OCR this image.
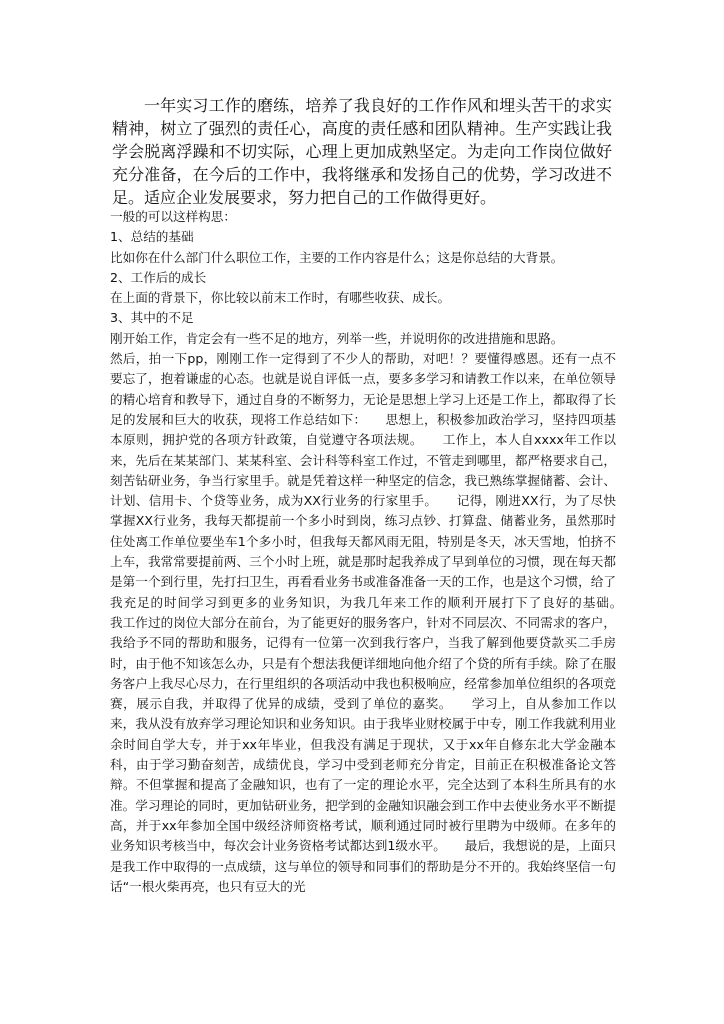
一年实习工作的磨练，培养了我良好的工作作风和埋头苦干的求实精神，树立了强烈的责任心，高度的责任感和团队精神。生产实践让我学会脱离浮躁和不切实际，心理上更加成熟坚定。为走向工作岗位做好充分准备，在今后的工作中，我将继承和发扬自己的优势，学习改进不足。适应企业发展要求，努力把自己的工作做得更好。

一般的可以这样构思：

1、总结的基础

比如你在什么部门什么职位工作，主要的工作内容是什么；这是你总结的大背景。

2、工作后的成长

在上面的背景下，你比较以前末工作时，有哪些收获、成长。

3、其中的不足

刚开始工作，肯定会有一些不足的地方，列举一些，并说明你的改进措施和思路。

然后，拍一下pp，刚刚工作一定得到了不少人的帮助，对吧！？要懂得感恩。还有一点不要忘了，抱着谦虚的心态。也就是说自评低一点，要多多学习和请教工作以来，在单位领导的精心培育和教导下，通过自身的不断努力，无论是思想上学习上还是工作上，都取得了长足的发展和巨大的收获，现将工作总结如下： 思想上，积极参加政治学习，坚持四项基本原则，拥护党的各项方针政策，自觉遵守各项法规。 工作上，本人自xxxx年工作以来，先后在某某部门、某某科室、会计科等科室工作过，不管走到哪里，都严格要求自己，刻苦钻研业务，争当行家里手。就是凭着这样一种坚定的信念，我已熟练掌握储蓄、会计、计划、信用卡、个贷等业务，成为XX行业务的行家里手。 记得，刚进XX行，为了尽快掌握XX行业务，我每天都提前一个多小时到岗，练习点钞、打算盘、储蓄业务，虽然那时住处离工作单位要坐车1个多小时，但我每天都风雨无阻，特别是冬天，冰天雪地，怕挤不上车，我常常要提前两、三个小时上班，就是那时起我养成了早到单位的习惯，现在每天都是第一个到行里，先打扫卫生，再看看业务书或准备准备一天的工作，也是这个习惯，给了我充足的时间学习到更多的业务知识，为我几年来工作的顺利开展打下了良好的基础。我工作过的岗位大部分在前台，为了能更好的服务客户，针对不同层次、不同需求的客户，我给予不同的帮助和服务，记得有一位第一次到我行客户，当我了解到他要贷款买二手房时，由于他不知该怎么办，只是有个想法我便详细地向他介绍了个贷的所有手续。除了在服务客户上我尽心尽力，在行里组织的各项活动中我也积极响应，经常参加单位组织的各项竞赛，展示自我，并取得了优异的成绩，受到了单位的嘉奖。 学习上，自从参加工作以来，我从没有放弃学习理论知识和业务知识。由于我毕业财校属于中专，刚工作我就利用业余时间自学大专，并于xx年毕业，但我没有满足于现状，又于xx年自修东北大学金融本科，由于学习勤奋刻苦，成绩优良，学习中受到老师充分肯定，目前正在积极准备论文答辩。不但掌握和提高了金融知识，也有了一定的理论水平，完全达到了本科生所具有的水准。学习理论的同时，更加钻研业务，把学到的金融知识融会到工作中去使业务水平不断提高，并于xx年参加全国中级经济师资格考试，顺利通过同时被行里聘为中级师。在多年的业务知识考核当中，每次会计业务资格考试都达到1级水平。 最后，我想说的是，上面只是我工作中取得的一点成绩，这与单位的领导和同事们的帮助是分不开的。我始终坚信一句话“一根火柴再亮，也只有豆大的光
